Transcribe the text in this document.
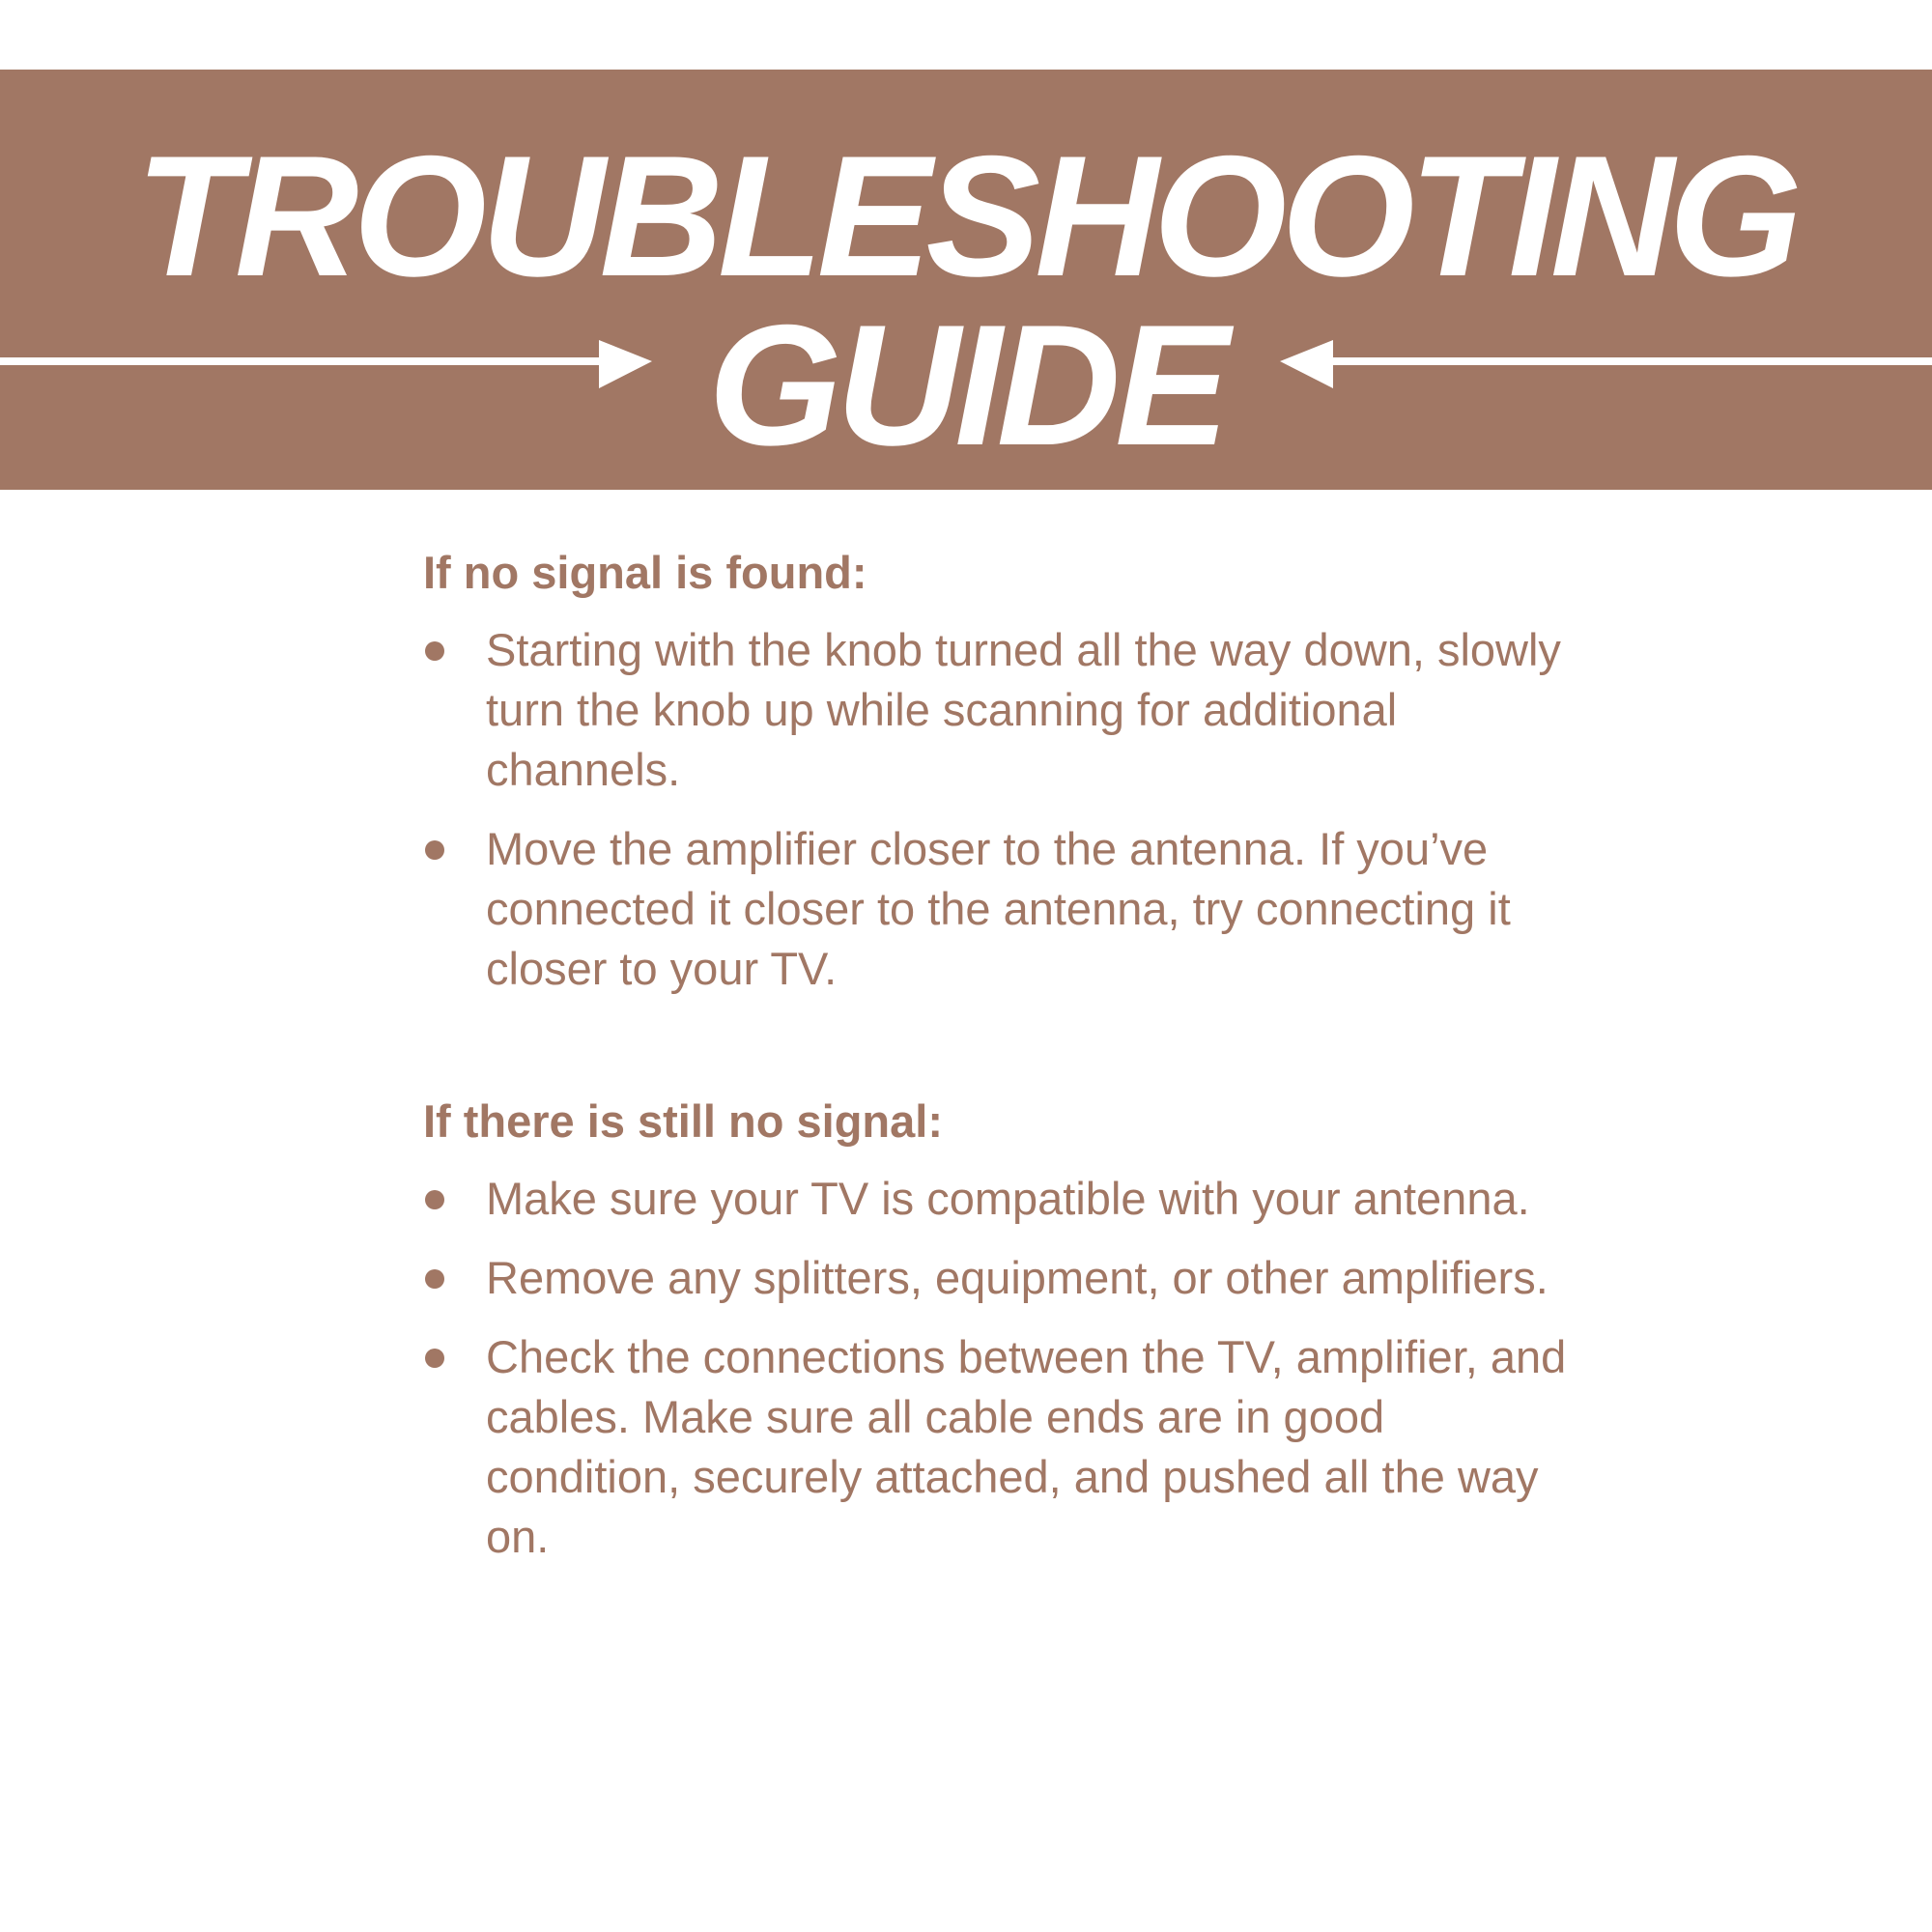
TROUBLESHOOTING
GUIDE
If no signal is found:
Starting with the knob turned all the way down, slowly turn the knob up while scanning for additional channels.
Move the amplifier closer to the antenna. If you’ve connected it closer to the antenna, try connecting it closer to your TV.
If there is still no signal:
Make sure your TV is compatible with your antenna.
Remove any splitters, equipment, or other amplifiers.
Check the connections between the TV, amplifier, and cables. Make sure all cable ends are in good condition, securely attached, and pushed all the way on.
